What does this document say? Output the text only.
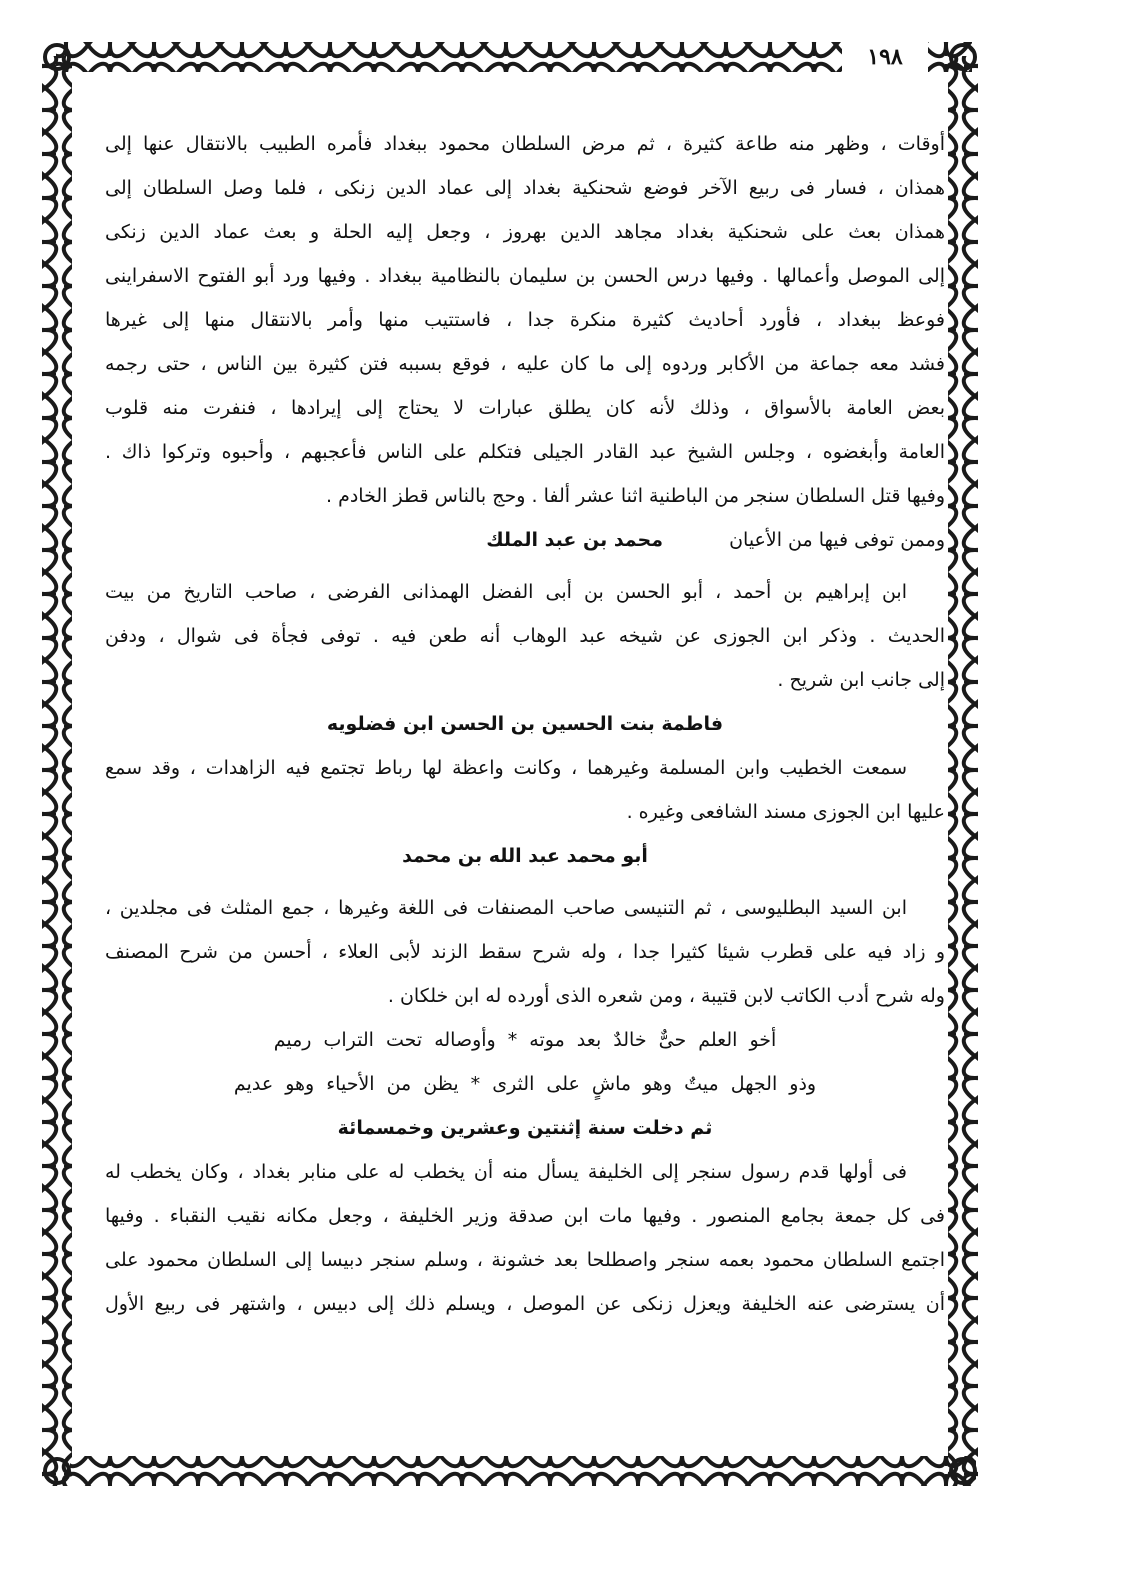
١٩٨
أوقات ، وظهر منه طاعة كثيرة ، ثم مرض السلطان محمود ببغداد فأمره الطبيب بالانتقال عنها إلى
همذان ، فسار فى ربيع الآخر فوضع شحنكية بغداد إلى عماد الدين زنكى ، فلما وصل السلطان إلى
همذان بعث على شحنكية بغداد مجاهد الدين بهروز ، وجعل إليه الحلة و بعث عماد الدين زنكى
إلى الموصل وأعمالها . وفيها درس الحسن بن سليمان بالنظامية ببغداد . وفيها ورد أبو الفتوح الاسفراينى
فوعظ ببغداد ، فأورد أحاديث كثيرة منكرة جدا ، فاستتيب منها وأمر بالانتقال منها إلى غيرها
فشد معه جماعة من الأكابر وردوه إلى ما كان عليه ، فوقع بسببه فتن كثيرة بين الناس ، حتى رجمه
بعض العامة بالأسواق ، وذلك لأنه كان يطلق عبارات لا يحتاج إلى إيرادها ، فنفرت منه قلوب
العامة وأبغضوه ، وجلس الشيخ عبد القادر الجيلى فتكلم على الناس فأعجبهم ، وأحبوه وتركوا ذاك .
وفيها قتل السلطان سنجر من الباطنية اثنا عشر ألفا . وحج بالناس قطز الخادم .
وممن توفى فيها من الأعيان
محمد بن عبد الملك
ابن إبراهيم بن أحمد ، أبو الحسن بن أبى الفضل الهمذانى الفرضى ، صاحب التاريخ من بيت
الحديث . وذكر ابن الجوزى عن شيخه عبد الوهاب أنه طعن فيه . توفى فجأة فى شوال ، ودفن
إلى جانب ابن شريح .
فاطمة بنت الحسين بن الحسن ابن فضلويه
سمعت الخطيب وابن المسلمة وغيرهما ، وكانت واعظة لها رباط تجتمع فيه الزاهدات ، وقد سمع
عليها ابن الجوزى مسند الشافعى وغيره .
أبو محمد عبد الله بن محمد
ابن السيد البطليوسى ، ثم التنيسى صاحب المصنفات فى اللغة وغيرها ، جمع المثلث فى مجلدين ،
و زاد فيه على قطرب شيئا كثيرا جدا ، وله شرح سقط الزند لأبى العلاء ، أحسن من شرح المصنف
وله شرح أدب الكاتب لابن قتيبة ، ومن شعره الذى أورده له ابن خلكان .
أخو العلم حىٌّ خالدٌ بعد موته * وأوصاله تحت التراب رميم
وذو الجهل ميتٌ وهو ماشٍ على الثرى * يظن من الأحياء وهو عديم
ثم دخلت سنة إثنتين وعشرين وخمسمائة
فى أولها قدم رسول سنجر إلى الخليفة يسأل منه أن يخطب له على منابر بغداد ، وكان يخطب له
فى كل جمعة بجامع المنصور . وفيها مات ابن صدقة وزير الخليفة ، وجعل مكانه نقيب النقباء . وفيها
اجتمع السلطان محمود بعمه سنجر واصطلحا بعد خشونة ، وسلم سنجر دبيسا إلى السلطان محمود على
أن يسترضى عنه الخليفة ويعزل زنكى عن الموصل ، ويسلم ذلك إلى دبيس ، واشتهر فى ربيع الأول
